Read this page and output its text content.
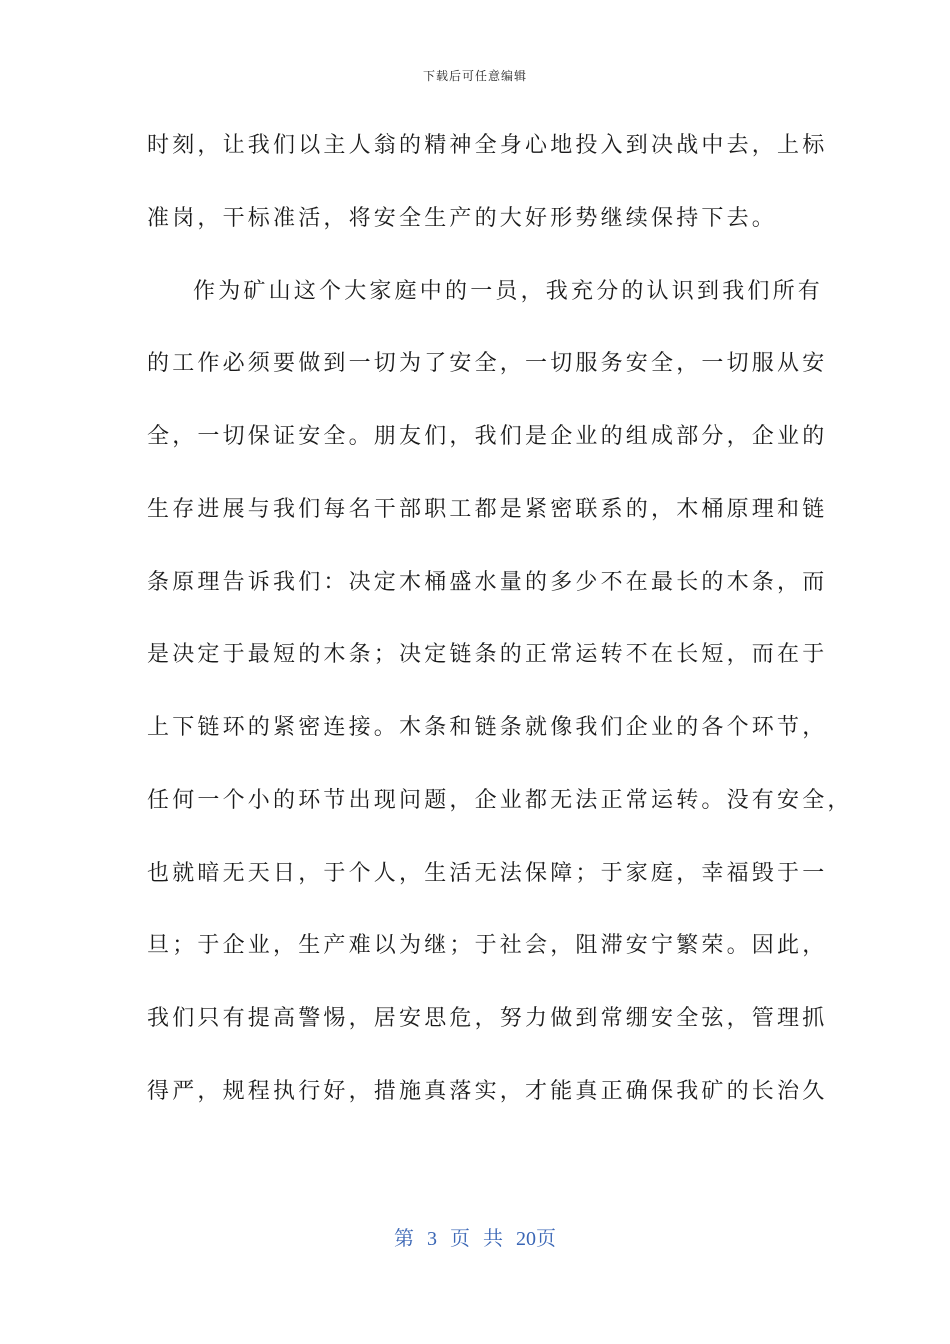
下载后可任意编辑
时刻，让我们以主人翁的精神全身心地投入到决战中去，上标
准岗，干标准活，将安全生产的大好形势继续保持下去。
作为矿山这个大家庭中的一员，我充分的认识到我们所有
的工作必须要做到一切为了安全，一切服务安全，一切服从安
全，一切保证安全。朋友们，我们是企业的组成部分，企业的
生存进展与我们每名干部职工都是紧密联系的，木桶原理和链
条原理告诉我们：决定木桶盛水量的多少不在最长的木条，而
是决定于最短的木条；决定链条的正常运转不在长短，而在于
上下链环的紧密连接。木条和链条就像我们企业的各个环节，
任何一个小的环节出现问题，企业都无法正常运转。没有安全，
也就暗无天日，于个人，生活无法保障；于家庭，幸福毁于一
旦；于企业，生产难以为继；于社会，阻滞安宁繁荣。因此，
我们只有提高警惕，居安思危，努力做到常绷安全弦，管理抓
得严，规程执行好，措施真落实，才能真正确保我矿的长治久
第 3 页 共 20页
